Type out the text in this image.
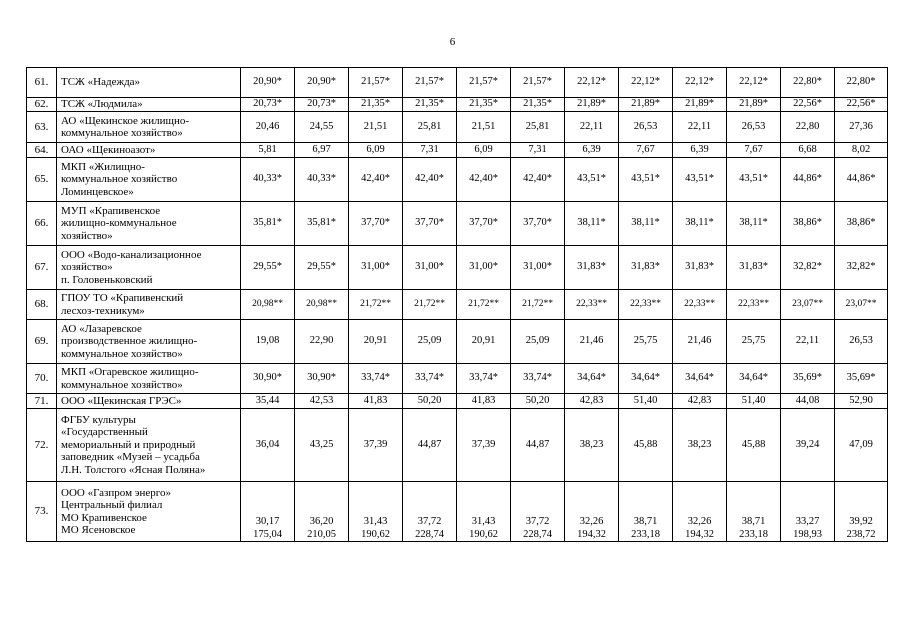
6
61.	ТСЖ «Надежда»	20,90*	20,90*	21,57*	21,57*	21,57*	21,57*	22,12*	22,12*	22,12*	22,12*	22,80*	22,80*

62.	ТСЖ «Людмила»	20,73*	20,73*	21,35*	21,35*	21,35*	21,35*	21,89*	21,89*	21,89*	21,89*	22,56*	22,56*

63.	АО «Щекинское жилищно-
коммунальное хозяйство»	20,46	24,55	21,51	25,81	21,51	25,81	22,11	26,53	22,11	26,53	22,80	27,36

64.	ОАО «Щекиноазот»	5,81	6,97	6,09	7,31	6,09	7,31	6,39	7,67	6,39	7,67	6,68	8,02

65.	МКП «Жилищно-
коммунальное хозяйство
Ломинцевское»	40,33*	40,33*	42,40*	42,40*	42,40*	42,40*	43,51*	43,51*	43,51*	43,51*	44,86*	44,86*

66.	МУП «Крапивенское
жилищно-коммунальное
хозяйство»	35,81*	35,81*	37,70*	37,70*	37,70*	37,70*	38,11*	38,11*	38,11*	38,11*	38,86*	38,86*

67.	ООО «Водо-канализационное
хозяйство»
п. Головеньковский	29,55*	29,55*	31,00*	31,00*	31,00*	31,00*	31,83*	31,83*	31,83*	31,83*	32,82*	32,82*

68.	ГПОУ ТО «Крапивенский
лесхоз-техникум»	20,98**	20,98**	21,72**	21,72**	21,72**	21,72**	22,33**	22,33**	22,33**	22,33**	23,07**	23,07**

69.	АО «Лазаревское
производственное жилищно-
коммунальное хозяйство»	19,08	22,90	20,91	25,09	20,91	25,09	21,46	25,75	21,46	25,75	22,11	26,53

70.	МКП «Огаревское жилищно-
коммунальное хозяйство»	30,90*	30,90*	33,74*	33,74*	33,74*	33,74*	34,64*	34,64*	34,64*	34,64*	35,69*	35,69*

71.	ООО «Щекинская ГРЭС»	35,44	42,53	41,83	50,20	41,83	50,20	42,83	51,40	42,83	51,40	44,08	52,90

72.	ФГБУ культуры
«Государственный
мемориальный и природный
заповедник «Музей – усадьба
Л.Н. Толстого «Ясная Поляна»	36,04	43,25	37,39	44,87	37,39	44,87	38,23	45,88	38,23	45,88	39,24	47,09

73.	ООО «Газпром энерго»
Центральный филиал
МО Крапивенское
МО Ясеновское	30,17
175,04	36,20
210,05	31,43
190,62	37,72
228,74	31,43
190,62	37,72
228,74	32,26
194,32	38,71
233,18	32,26
194,32	38,71
233,18	33,27
198,93	39,92
238,72
